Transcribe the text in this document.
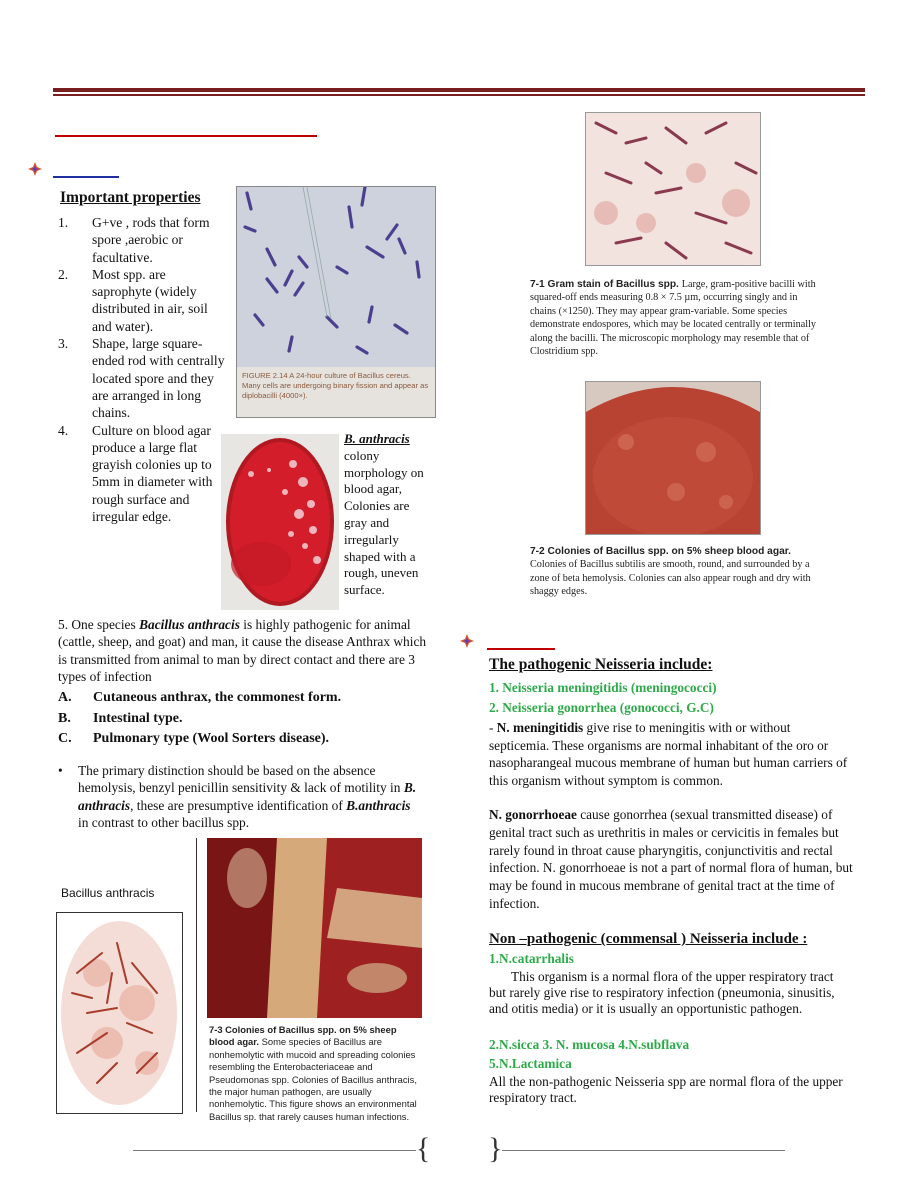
Important properties
1.	G+ve , rods that form spore ,aerobic or facultative.
2.	Most spp. are saprophyte (widely distributed in air, soil and water).
3.	Shape, large square-ended rod with centrally located spore and they are arranged in long chains.
4.	Culture on blood agar produce a large flat grayish colonies up to 5mm in diameter with rough surface and irregular edge.
FIGURE 2.14 A 24-hour culture of Bacillus cereus. Many cells are undergoing binary fission and appear as diplobacilli (4000×).
B. anthracis
colony morphology on blood agar, Colonies are gray and irregularly shaped with a rough, uneven surface.
5. One species Bacillus anthracis is highly pathogenic for animal (cattle, sheep, and goat) and man, it cause the disease Anthrax which is transmitted from animal to man by direct contact and there are 3 types of infection
A.	Cutaneous anthrax, the commonest form.
B.	Intestinal type.
C.	Pulmonary type (Wool Sorters disease).
•	The primary distinction should be based on the absence hemolysis, benzyl penicillin sensitivity & lack of motility in B. anthracis, these are presumptive identification of B.anthracis in contrast to other bacillus spp.
Bacillus anthracis
7-3 Colonies of Bacillus spp. on 5% sheep blood agar. Some species of Bacillus are nonhemolytic with mucoid and spreading colonies resembling the Enterobacteriaceae and Pseudomonas spp. Colonies of Bacillus anthracis, the major human pathogen, are usually nonhemolytic. This figure shows an environmental Bacillus sp. that rarely causes human infections.
7-1 Gram stain of Bacillus spp. Large, gram-positive bacilli with squared-off ends measuring 0.8 × 7.5 µm, occurring singly and in chains (×1250). They may appear gram-variable. Some species demonstrate endospores, which may be located centrally or terminally along the bacilli. The microscopic morphology may resemble that of Clostridium spp.
7-2 Colonies of Bacillus spp. on 5% sheep blood agar. Colonies of Bacillus subtilis are smooth, round, and surrounded by a zone of beta hemolysis. Colonies can also appear rough and dry with shaggy edges.
The pathogenic Neisseria include:
1. Neisseria meningitidis (meningococci)
2. Neisseria gonorrhea (gonococci, G.C)
- N. meningitidis give rise to meningitis with or without septicemia. These organisms are normal inhabitant of the oro or nasopharangeal mucous membrane of human but human carriers of this organism without symptom is common.
N. gonorrhoeae cause gonorrhea (sexual transmitted disease) of genital tract such as urethritis in males or cervicitis in females but rarely found in throat cause pharyngitis, conjunctivitis and rectal infection. N. gonorrhoeae is not a part of normal flora of human, but may be found in mucous membrane of genital tract at the time of infection.
Non –pathogenic (commensal ) Neisseria include :
1.N.catarrhalis
This organism is a normal flora of the upper respiratory tract but rarely give rise to respiratory infection (pneumonia, sinusitis, and otitis media) or it is usually an opportunistic pathogen.
2.N.sicca 3. N. mucosa 4.N.subflava
5.N.Lactamica
All the non-pathogenic Neisseria spp are normal flora of the upper respiratory tract.
{ }
